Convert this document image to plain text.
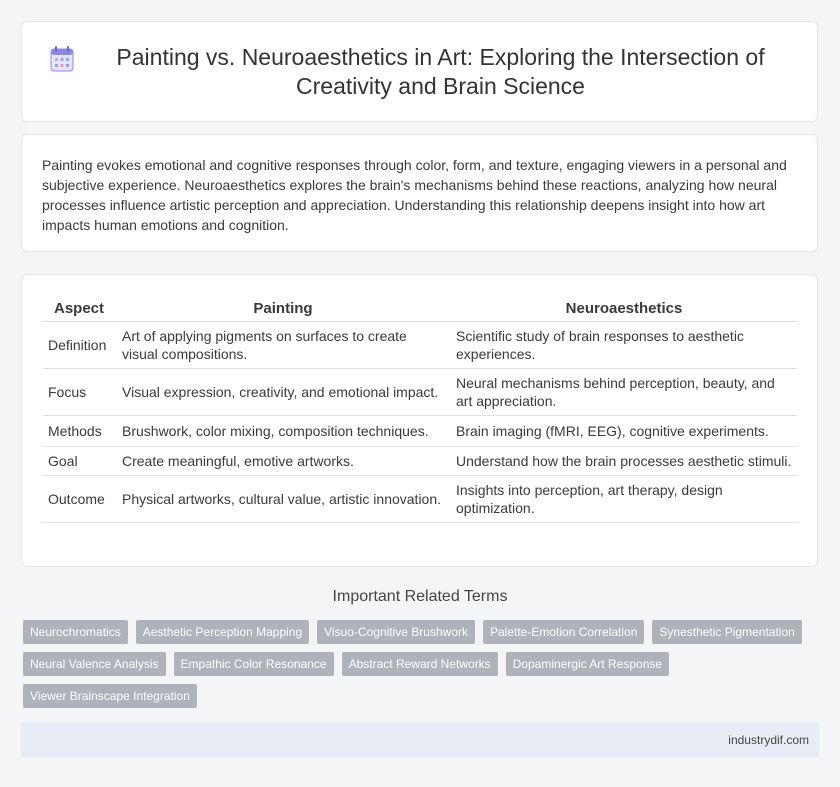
Painting vs. Neuroaesthetics in Art: Exploring the Intersection of Creativity and Brain Science

Painting evokes emotional and cognitive responses through color, form, and texture, engaging viewers in a personal and subjective experience. Neuroaesthetics explores the brain's mechanisms behind these reactions, analyzing how neural processes influence artistic perception and appreciation. Understanding this relationship deepens insight into how art impacts human emotions and cognition.

Aspect	Painting	Neuroaesthetics
Definition	Art of applying pigments on surfaces to create visual compositions.	Scientific study of brain responses to aesthetic experiences.
Focus	Visual expression, creativity, and emotional impact.	Neural mechanisms behind perception, beauty, and art appreciation.
Methods	Brushwork, color mixing, composition techniques.	Brain imaging (fMRI, EEG), cognitive experiments.
Goal	Create meaningful, emotive artworks.	Understand how the brain processes aesthetic stimuli.
Outcome	Physical artworks, cultural value, artistic innovation.	Insights into perception, art therapy, design optimization.
Important Related Terms
Neurochromatics	Aesthetic Perception Mapping	Visuo-Cognitive Brushwork	Palette-Emotion Correlation	Synesthetic Pigmentation
Neural Valence Analysis	Empathic Color Resonance	Abstract Reward Networks	Dopaminergic Art Response
Viewer Brainscape Integration
industrydif.com
